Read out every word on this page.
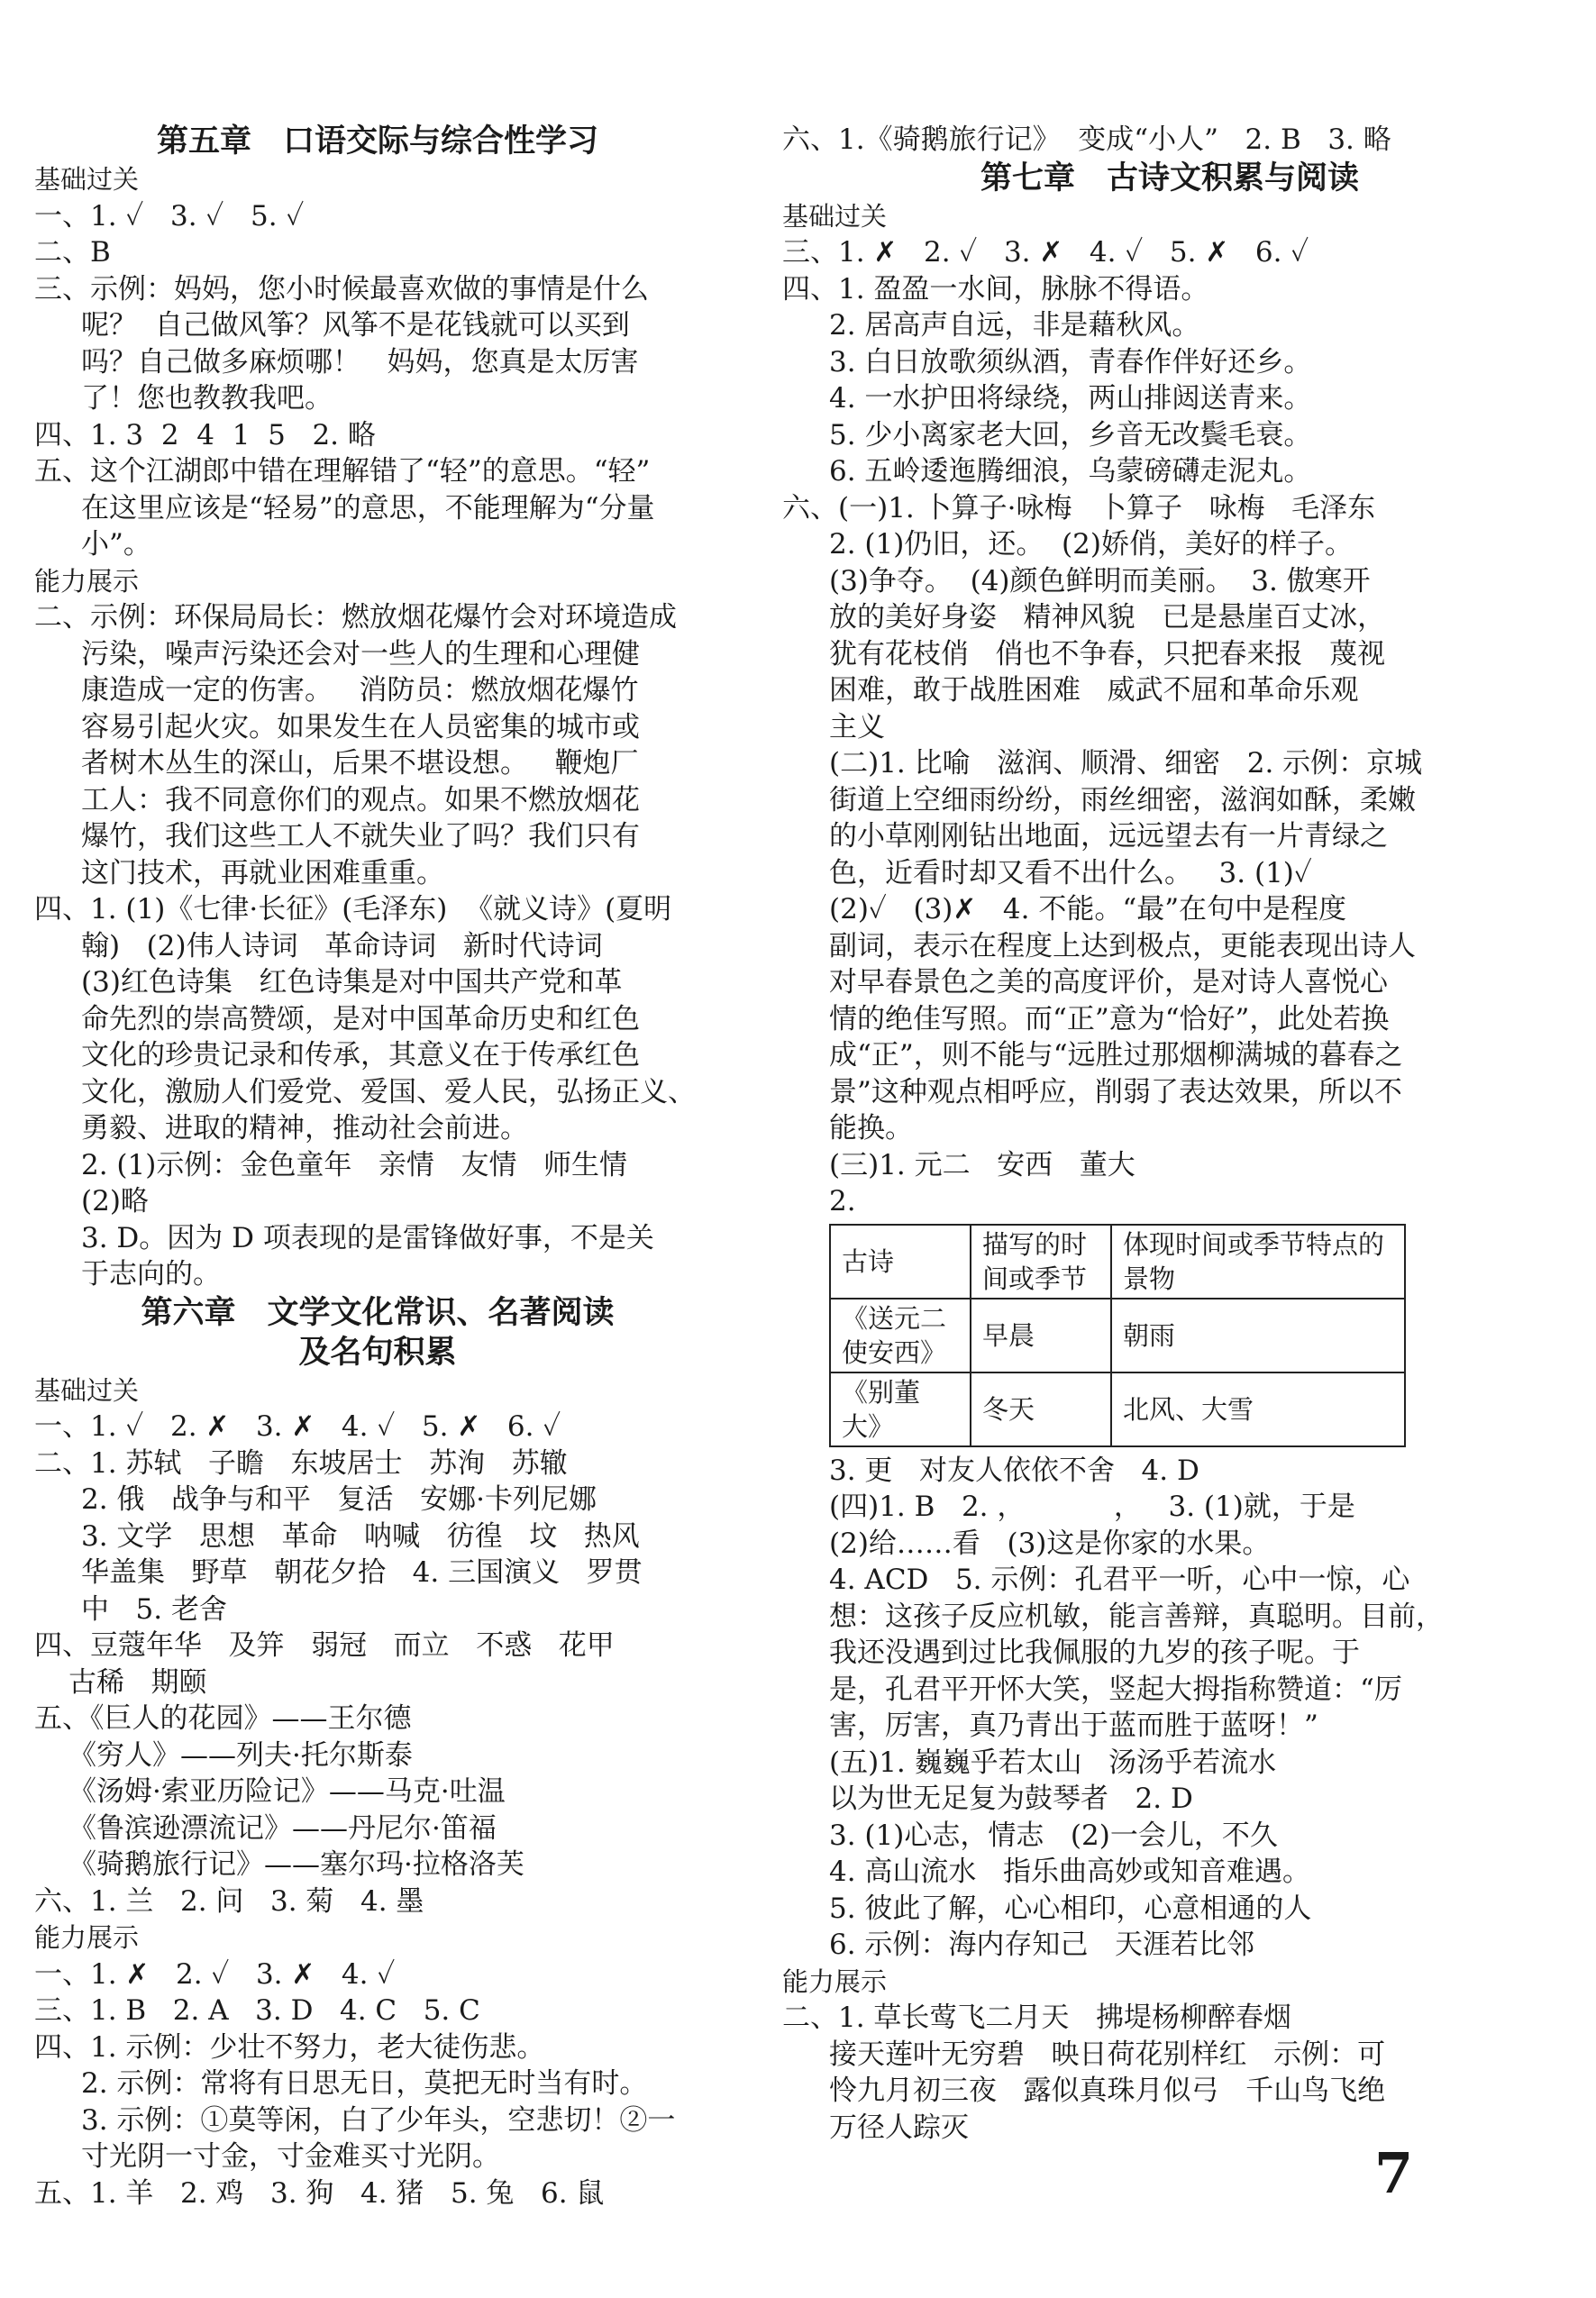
第五章　口语交际与综合性学习
基础过关
一、1. ✓   3. ✓   5. ✓
二、B
三、示例：妈妈，您小时候最喜欢做的事情是什么
呢？  自己做风筝？风筝不是花钱就可以买到
吗？自己做多麻烦哪！   妈妈，您真是太厉害
了！您也教教我吧。
四、1. 3  2  4  1  5   2. 略
五、这个江湖郎中错在理解错了“轻”的意思。“轻”
在这里应该是“轻易”的意思，不能理解为“分量
小”。
能力展示
二、示例：环保局局长：燃放烟花爆竹会对环境造成
污染，噪声污染还会对一些人的生理和心理健
康造成一定的伤害。   消防员：燃放烟花爆竹
容易引起火灾。如果发生在人员密集的城市或
者树木丛生的深山，后果不堪设想。   鞭炮厂
工人：我不同意你们的观点。如果不燃放烟花
爆竹，我们这些工人不就失业了吗？我们只有
这门技术，再就业困难重重。
四、1. (1)《七律·长征》(毛泽东)  《就义诗》(夏明
翰)   (2)伟人诗词   革命诗词   新时代诗词
(3)红色诗集   红色诗集是对中国共产党和革
命先烈的崇高赞颂，是对中国革命历史和红色
文化的珍贵记录和传承，其意义在于传承红色
文化，激励人们爱党、爱国、爱人民，弘扬正义、
勇毅、进取的精神，推动社会前进。
2. (1)示例：金色童年   亲情   友情   师生情
(2)略
3. D。因为 D 项表现的是雷锋做好事，不是关
于志向的。
第六章　文学文化常识、名著阅读
及名句积累
基础过关
一、1. ✓   2. ✗   3. ✗   4. ✓   5. ✗   6. ✓
二、1. 苏轼   子瞻   东坡居士   苏洵   苏辙
2. 俄   战争与和平   复活   安娜·卡列尼娜
3. 文学   思想   革命   呐喊   彷徨   坟   热风
华盖集   野草   朝花夕拾   4. 三国演义   罗贯
中   5. 老舍
四、豆蔻年华   及笄   弱冠   而立   不惑   花甲
古稀   期颐
五、《巨人的花园》——王尔德
《穷人》——列夫·托尔斯泰
《汤姆·索亚历险记》——马克·吐温
《鲁滨逊漂流记》——丹尼尔·笛福
《骑鹅旅行记》——塞尔玛·拉格洛芙
六、1. 兰   2. 问   3. 菊   4. 墨
能力展示
一、1. ✗   2. ✓   3. ✗   4. ✓
三、1. B   2. A   3. D   4. C   5. C
四、1. 示例：少壮不努力，老大徒伤悲。
2. 示例：常将有日思无日，莫把无时当有时。
3. 示例：①莫等闲，白了少年头，空悲切！②一
寸光阴一寸金，寸金难买寸光阴。
五、1. 羊   2. 鸡   3. 狗   4. 猪   5. 兔   6. 鼠
六、1.《骑鹅旅行记》  变成“小人”   2. B   3. 略
第七章　古诗文积累与阅读
基础过关
三、1. ✗   2. ✓   3. ✗   4. ✓   5. ✗   6. ✓
四、1. 盈盈一水间，脉脉不得语。
2. 居高声自远，非是藉秋风。
3. 白日放歌须纵酒，青春作伴好还乡。
4. 一水护田将绿绕，两山排闼送青来。
5. 少小离家老大回，乡音无改鬓毛衰。
6. 五岭逶迤腾细浪，乌蒙磅礴走泥丸。
六、(一)1. 卜算子·咏梅   卜算子   咏梅   毛泽东
2. (1)仍旧，还。  (2)娇俏，美好的样子。
(3)争夺。  (4)颜色鲜明而美丽。  3. 傲寒开
放的美好身姿   精神风貌   已是悬崖百丈冰，
犹有花枝俏   俏也不争春，只把春来报   蔑视
困难，敢于战胜困难   威武不屈和革命乐观
主义
(二)1. 比喻   滋润、顺滑、细密   2. 示例：京城
街道上空细雨纷纷，雨丝细密，滋润如酥，柔嫩
的小草刚刚钻出地面，远远望去有一片青绿之
色，近看时却又看不出什么。   3. (1)✓
(2)✓   (3)✗   4. 不能。“最”在句中是程度
副词，表示在程度上达到极点，更能表现出诗人
对早春景色之美的高度评价，是对诗人喜悦心
情的绝佳写照。而“正”意为“恰好”，此处若换
成“正”，则不能与“远胜过那烟柳满城的暮春之
景”这种观点相呼应，削弱了表达效果，所以不
能换。
(三)1. 元二   安西   董大
2.
古诗	描写的时间或季节	体现时间或季节特点的景物
《送元二使安西》	早晨	朝雨
《别董大》	冬天	北风、大雪
3. 更   对友人依依不舍   4. D
(四)1. B   2. ，          ，   3. (1)就，于是
(2)给……看   (3)这是你家的水果。
4. ACD   5. 示例：孔君平一听，心中一惊，心
想：这孩子反应机敏，能言善辩，真聪明。目前，
我还没遇到过比我佩服的九岁的孩子呢。于
是，孔君平开怀大笑，竖起大拇指称赞道：“厉
害，厉害，真乃青出于蓝而胜于蓝呀！”
(五)1. 巍巍乎若太山   汤汤乎若流水
以为世无足复为鼓琴者   2. D
3. (1)心志，情志   (2)一会儿，不久
4. 高山流水   指乐曲高妙或知音难遇。
5. 彼此了解，心心相印，心意相通的人
6. 示例：海内存知己   天涯若比邻
能力展示
二、1. 草长莺飞二月天   拂堤杨柳醉春烟
接天莲叶无穷碧   映日荷花别样红   示例：可
怜九月初三夜   露似真珠月似弓   千山鸟飞绝
万径人踪灭
7
